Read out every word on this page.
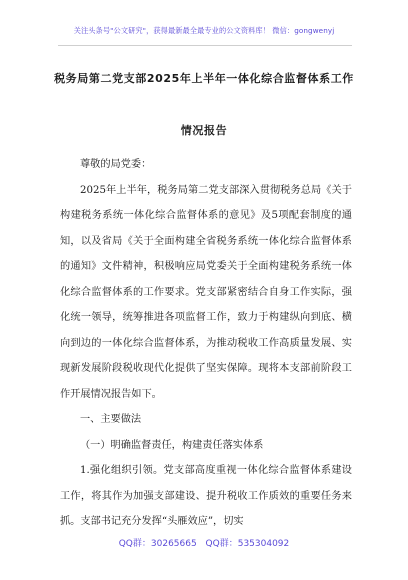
关注头条号"公文研究"，获得最新最全最专业的公文资料库！ 微信：gongwenyj
税务局第二党支部2025年上半年一体化综合监督体系工作
情况报告

尊敬的局党委：

2025年上半年，税务局第二党支部深入贯彻税务总局《关于构建税务系统一体化综合监督体系的意见》及5项配套制度的通知，以及省局《关于全面构建全省税务系统一体化综合监督体系的通知》文件精神，积极响应局党委关于全面构建税务系统一体化综合监督体系的工作要求。党支部紧密结合自身工作实际，强化统一领导，统筹推进各项监督工作，致力于构建纵向到底、横向到边的一体化综合监督体系，为推动税收工作高质量发展、实现新发展阶段税收现代化提供了坚实保障。现将本支部前阶段工作开展情况报告如下。

一、主要做法

（一）明确监督责任，构建责任落实体系

1.强化组织引领。党支部高度重视一体化综合监督体系建设工作，将其作为加强支部建设、提升税收工作质效的重要任务来抓。支部书记充分发挥“头雁效应”，切实

QQ群：30265665 QQ群：535304092
